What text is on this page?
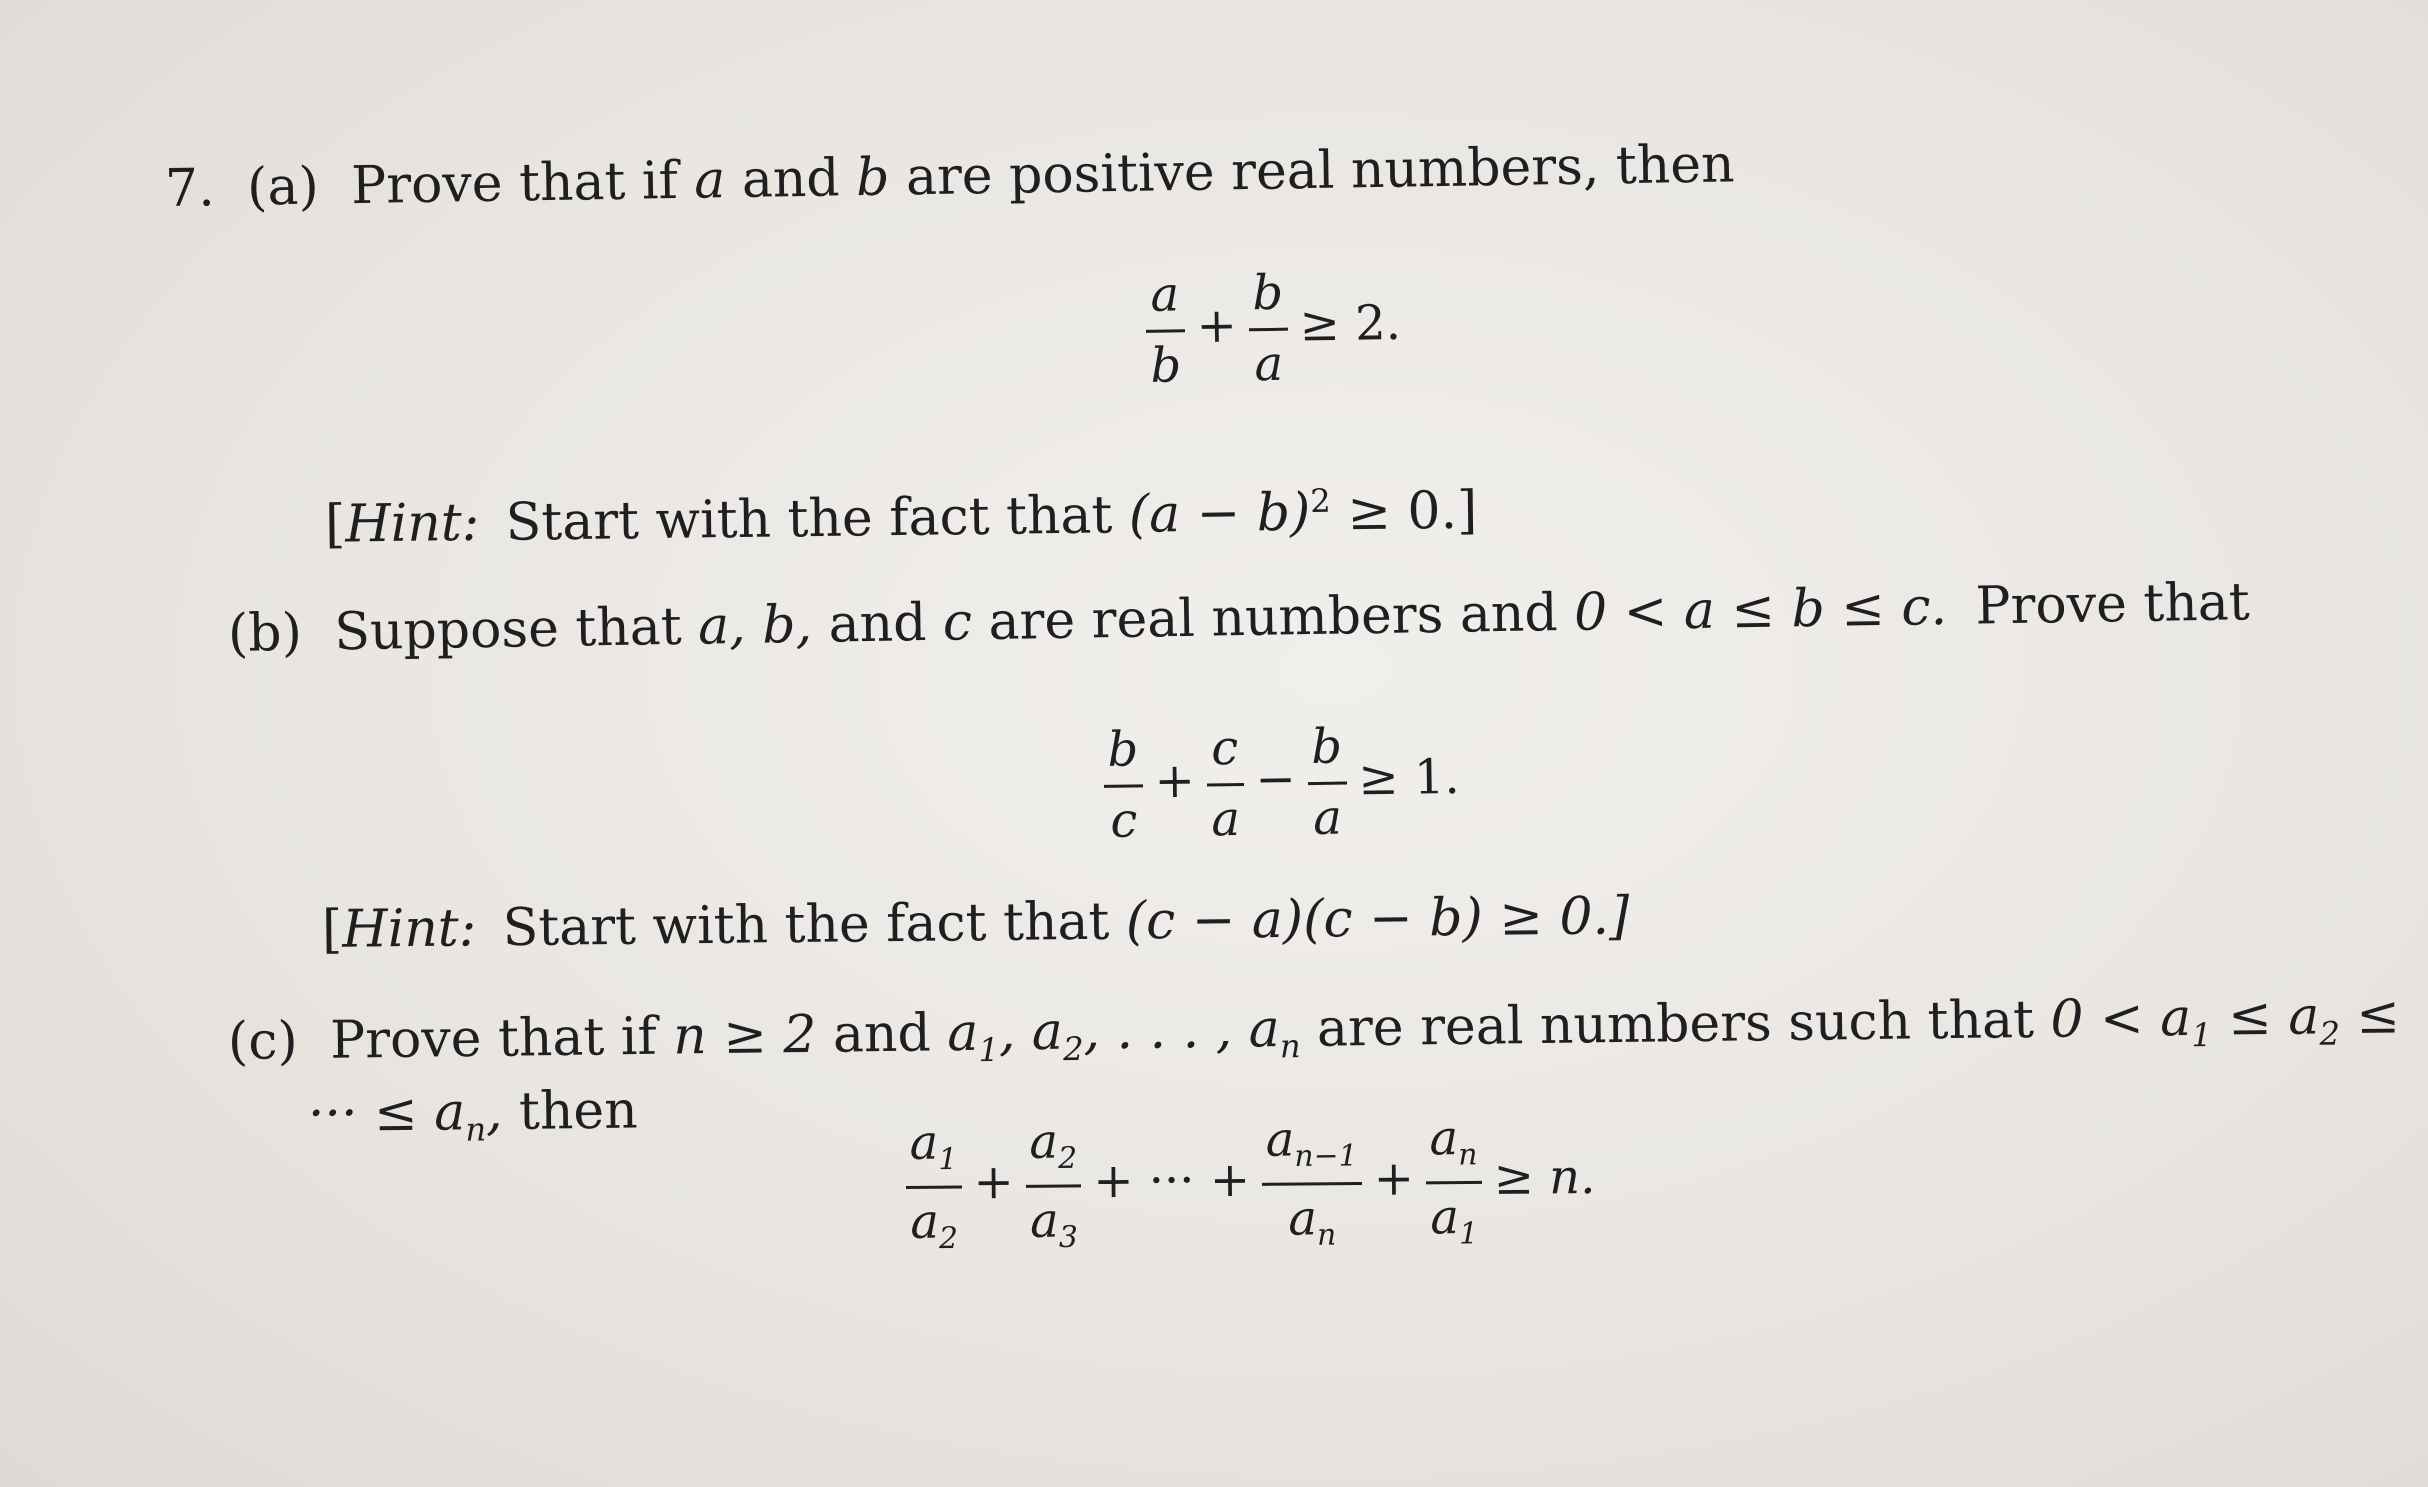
7. (a) Prove that if a and b are positive real numbers, then
$\frac{a}{b} + \frac{b}{a} \ge 2$.
[Hint: Start with the fact that $(a - b)^2 \ge 0$.]
(b) Suppose that a, b, and c are real numbers and 0 < a ≤ b ≤ c. Prove that
$\frac{b}{c} + \frac{c}{a} - \frac{b}{a} \ge 1$.
[Hint: Start with the fact that (c − a)(c − b) ≥ 0.]
(c) Prove that if n ≥ 2 and $a_1$, $a_2$, . . . , $a_n$ are real numbers such that $0 < a_1 \le a_2$ ≤
··· ≤ $a_n$, then
$\frac{a_1}{a_2} + \frac{a_2}{a_3}$ + ··· + $\frac{a_{n-1}}{a_n} + \frac{a_n}{a_1} \ge n$.
